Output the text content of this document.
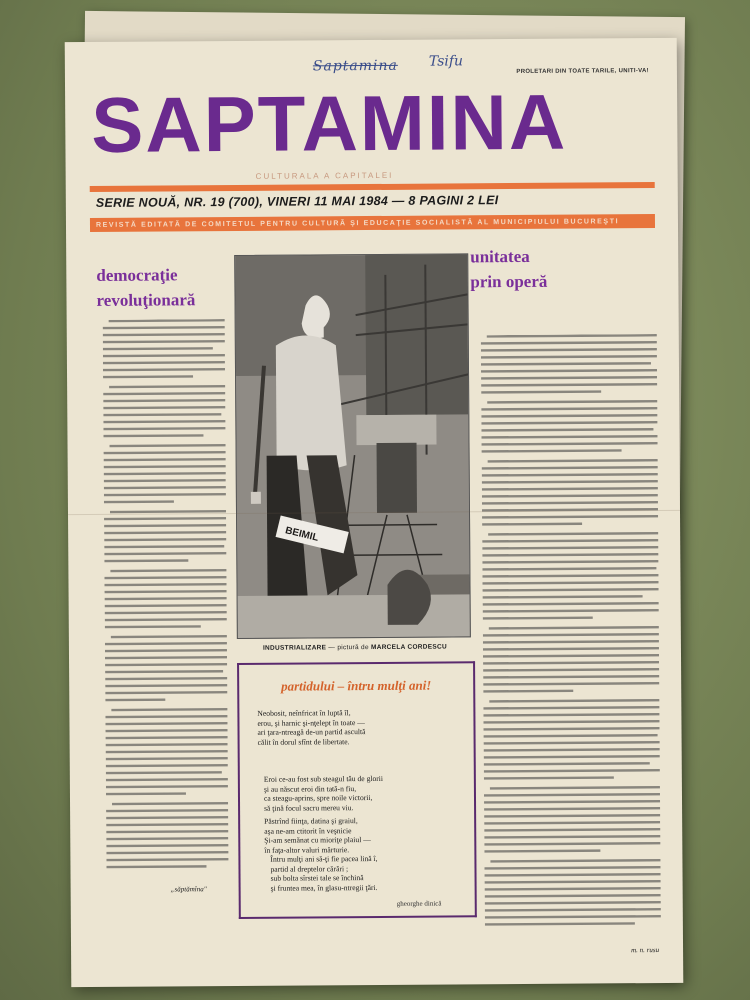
Saptamina Tsifu
PROLETARI DIN TOATE TARILE, UNITI-VA!
SAPTAMINA
CULTURALA A CAPITALEI
SERIE NOUĂ, NR. 19 (700), VINERI 11 MAI 1984 — 8 PAGINI 2 LEI
REVISTĂ EDITATĂ DE COMITETUL PENTRU CULTURĂ ŞI EDUCAŢIE SOCIALISTĂ AL MUNICIPIULUI BUCUREŞTI
democraţie
revoluţionară
„săptămîna"
BEIMIL
INDUSTRIALIZARE — pictură de MARCELA CORDESCU
unitatea
prin operă
m. n. rusu
partidului – întru mulţi ani!
Neobosit, neînfricat în luptă îl,
erou, şi harnic şi-nţelept în toate —
ari ţara-ntreagă de-un partid ascultă
călit în dorul sfînt de libertate.
Eroi ce-au fost sub steagul tău de glorii
şi au născut eroi din tată-n fiu,
ca steagu-aprins, spre noile victorii,
să ţină focul sacru mereu viu.
Păstrînd fiinţa, datina şi graiul,
aşa ne-am ctitorit în veşnicie
Şi-am semănat cu mioriţe plaiul —
în faţa-altor valuri mărturie.
Întru mulţi ani să-ţi fie pacea lină î,
partid al dreptelor cărări ;
sub bolta sîrstei tale se închină
şi fruntea mea, în glasu-ntregii ţări.
gheorghe dinică
